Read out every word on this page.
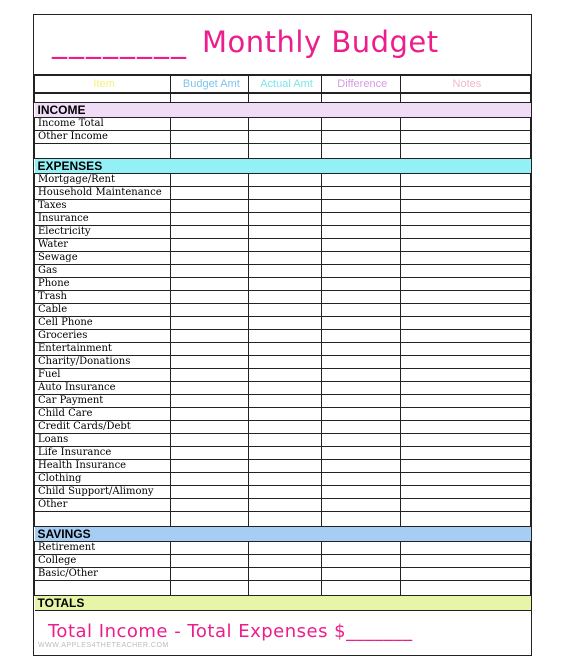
________ Monthly Budget
Item	Budget Amt	Actual Amt	Difference	Notes

INCOME				
Income Total				
Other Income				

EXPENSES				
Mortgage/Rent				
Household Maintenance				
Taxes				
Insurance				
Electricity				
Water				
Sewage				
Gas				
Phone				
Trash				
Cable				
Cell Phone				
Groceries				
Entertainment				
Charity/Donations				
Fuel				
Auto Insurance				
Car Payment				
Child Care				
Credit Cards/Debt				
Loans				
Life Insurance				
Health Insurance				
Clothing				
Child Support/Alimony				
Other				

SAVINGS				
Retirement				
College				
Basic/Other				

TOTALS				
Total Income - Total Expenses $_______
WWW.APPLES4THETEACHER.COM
